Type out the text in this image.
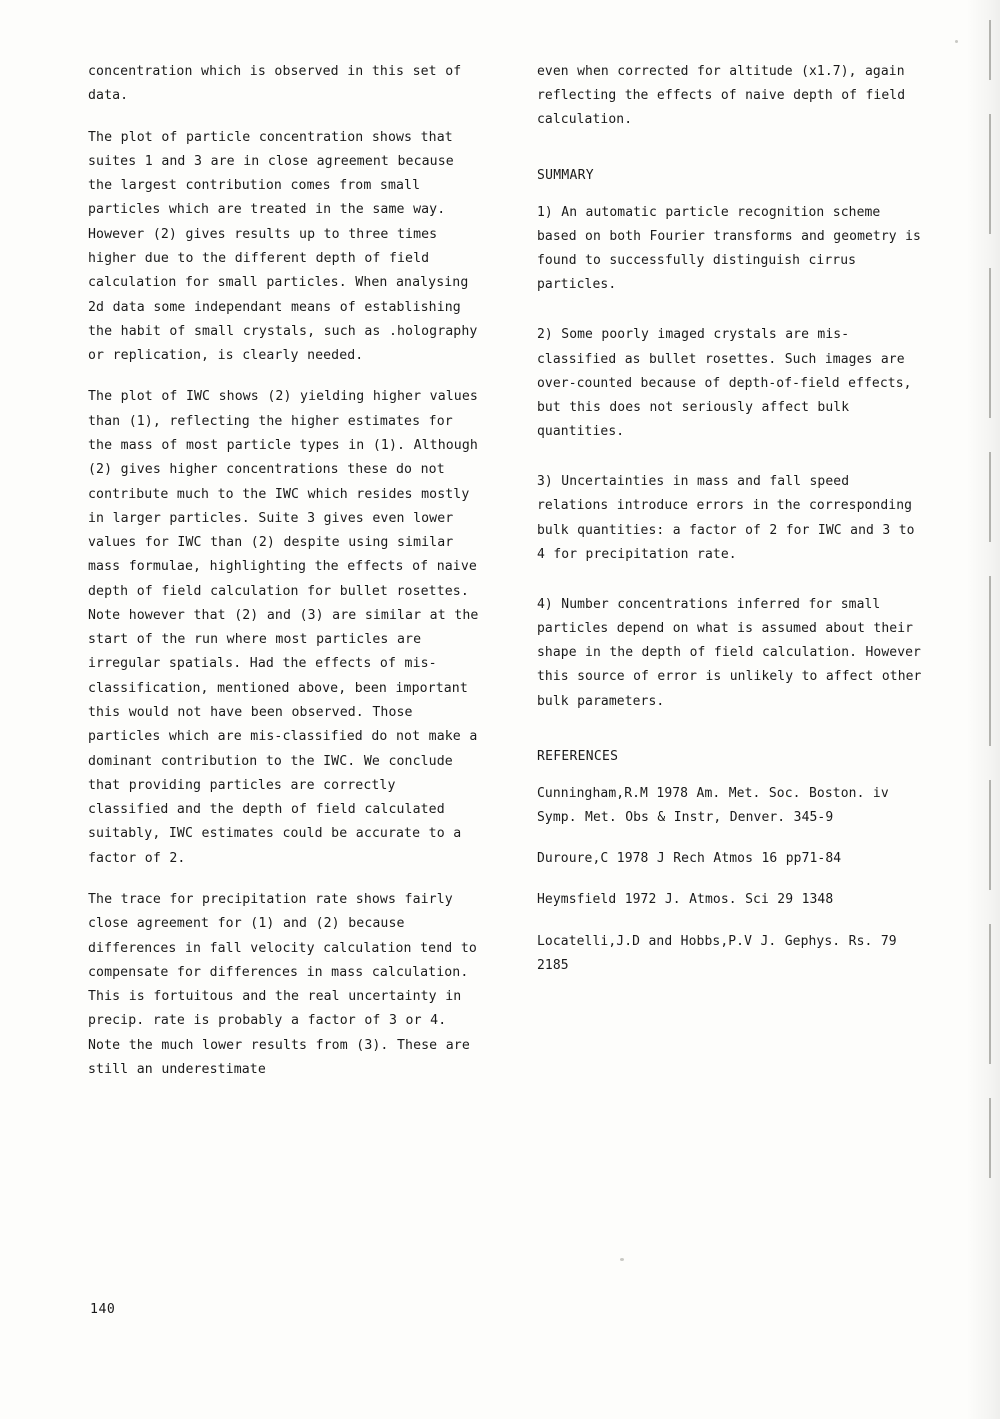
concentration which is observed in this set of data.

The plot of particle concentration shows that suites 1 and 3 are in close agreement because the largest contribution comes from small particles which are treated in the same way. However (2) gives results up to three times higher due to the different depth of field calculation for small particles. When analysing 2d data some independant means of establishing the habit of small crystals, such as .holography or replication, is clearly needed.

The plot of IWC shows (2) yielding higher values than (1), reflecting the higher estimates for the mass of most particle types in (1). Although (2) gives higher concentrations these do not contribute much to the IWC which resides mostly in larger particles. Suite 3 gives even lower values for IWC than (2) despite using similar mass formulae, highlighting the effects of naive depth of field calculation for bullet rosettes. Note however that (2) and (3) are similar at the start of the run where most particles are irregular spatials. Had the effects of mis-classification, mentioned above, been important this would not have been observed. Those particles which are mis-classified do not make a dominant contribution to the IWC. We conclude that providing particles are correctly classified and the depth of field calculated suitably, IWC estimates could be accurate to a factor of 2.

The trace for precipitation rate shows fairly close agreement for (1) and (2) because differences in fall velocity calculation tend to compensate for differences in mass calculation. This is fortuitous and the real uncertainty in precip. rate is probably a factor of 3 or 4. Note the much lower results from (3). These are still an underestimate

even when corrected for altitude (x1.7), again reflecting the effects of naive depth of field calculation.

SUMMARY

1) An automatic particle recognition scheme based on both Fourier transforms and geometry is found to successfully distinguish cirrus particles.

2) Some poorly imaged crystals are mis-classified as bullet rosettes. Such images are over-counted because of depth-of-field effects, but this does not seriously affect bulk quantities.

3) Uncertainties in mass and fall speed relations introduce errors in the corresponding bulk quantities: a factor of 2 for IWC and 3 to 4 for precipitation rate.

4) Number concentrations inferred for small particles depend on what is assumed about their shape in the depth of field calculation. However this source of error is unlikely to affect other bulk parameters.

REFERENCES

Cunningham,R.M 1978 Am. Met. Soc. Boston. iv Symp. Met. Obs & Instr, Denver. 345-9

Duroure,C 1978 J Rech Atmos 16 pp71-84

Heymsfield 1972 J. Atmos. Sci 29 1348

Locatelli,J.D and Hobbs,P.V J. Gephys. Rs. 79 2185

140
